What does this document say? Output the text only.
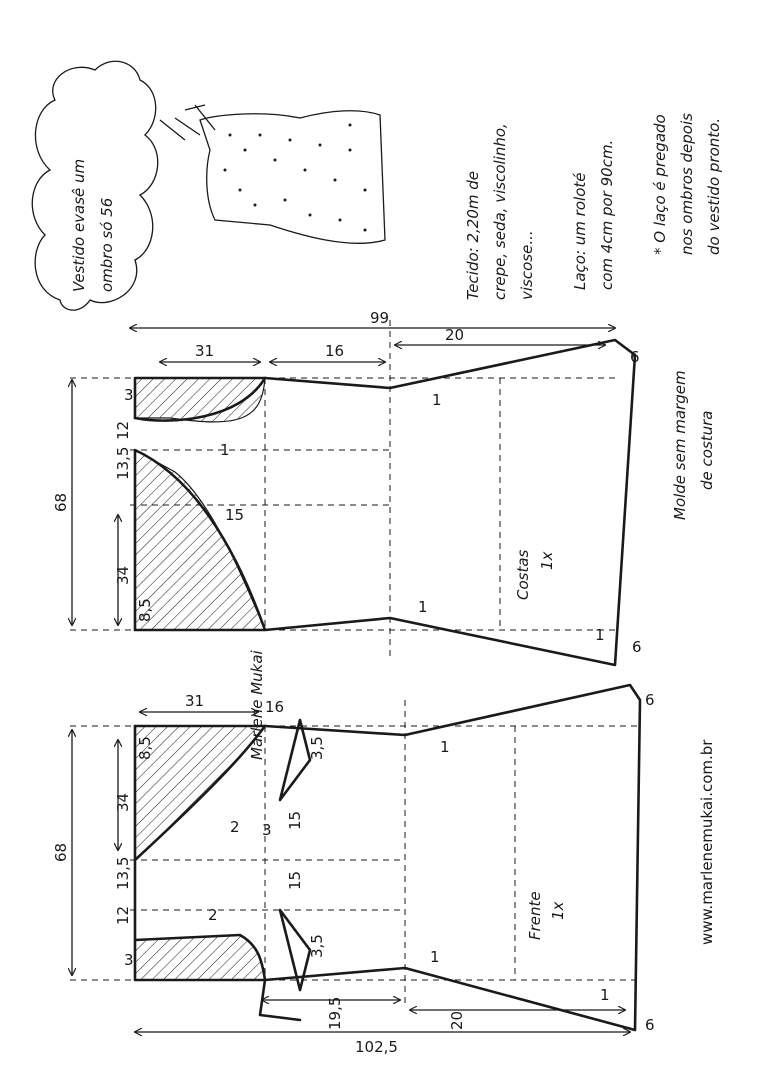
Vestido evasê um ombro só 56	Tecido: 2,20m de crepe, seda, viscolinho, viscose... Laço: um roloté com 4cm por 90cm. * O laço é pregado nos ombros depois do vestido pronto.
Molde sem margem de costura
99
68
31	16
20
3
12
13,5
34
8,5
1
15
1
1
1
6
6
Costas 1x
102,5
68
31	16
3,5
3,5
8,5
34
13,5
12
3
3 15
15
19,5	20
1
2
2
1
1
6
6
Frente 1x
Marlene Mukai
www.marlenemukai.com.br
